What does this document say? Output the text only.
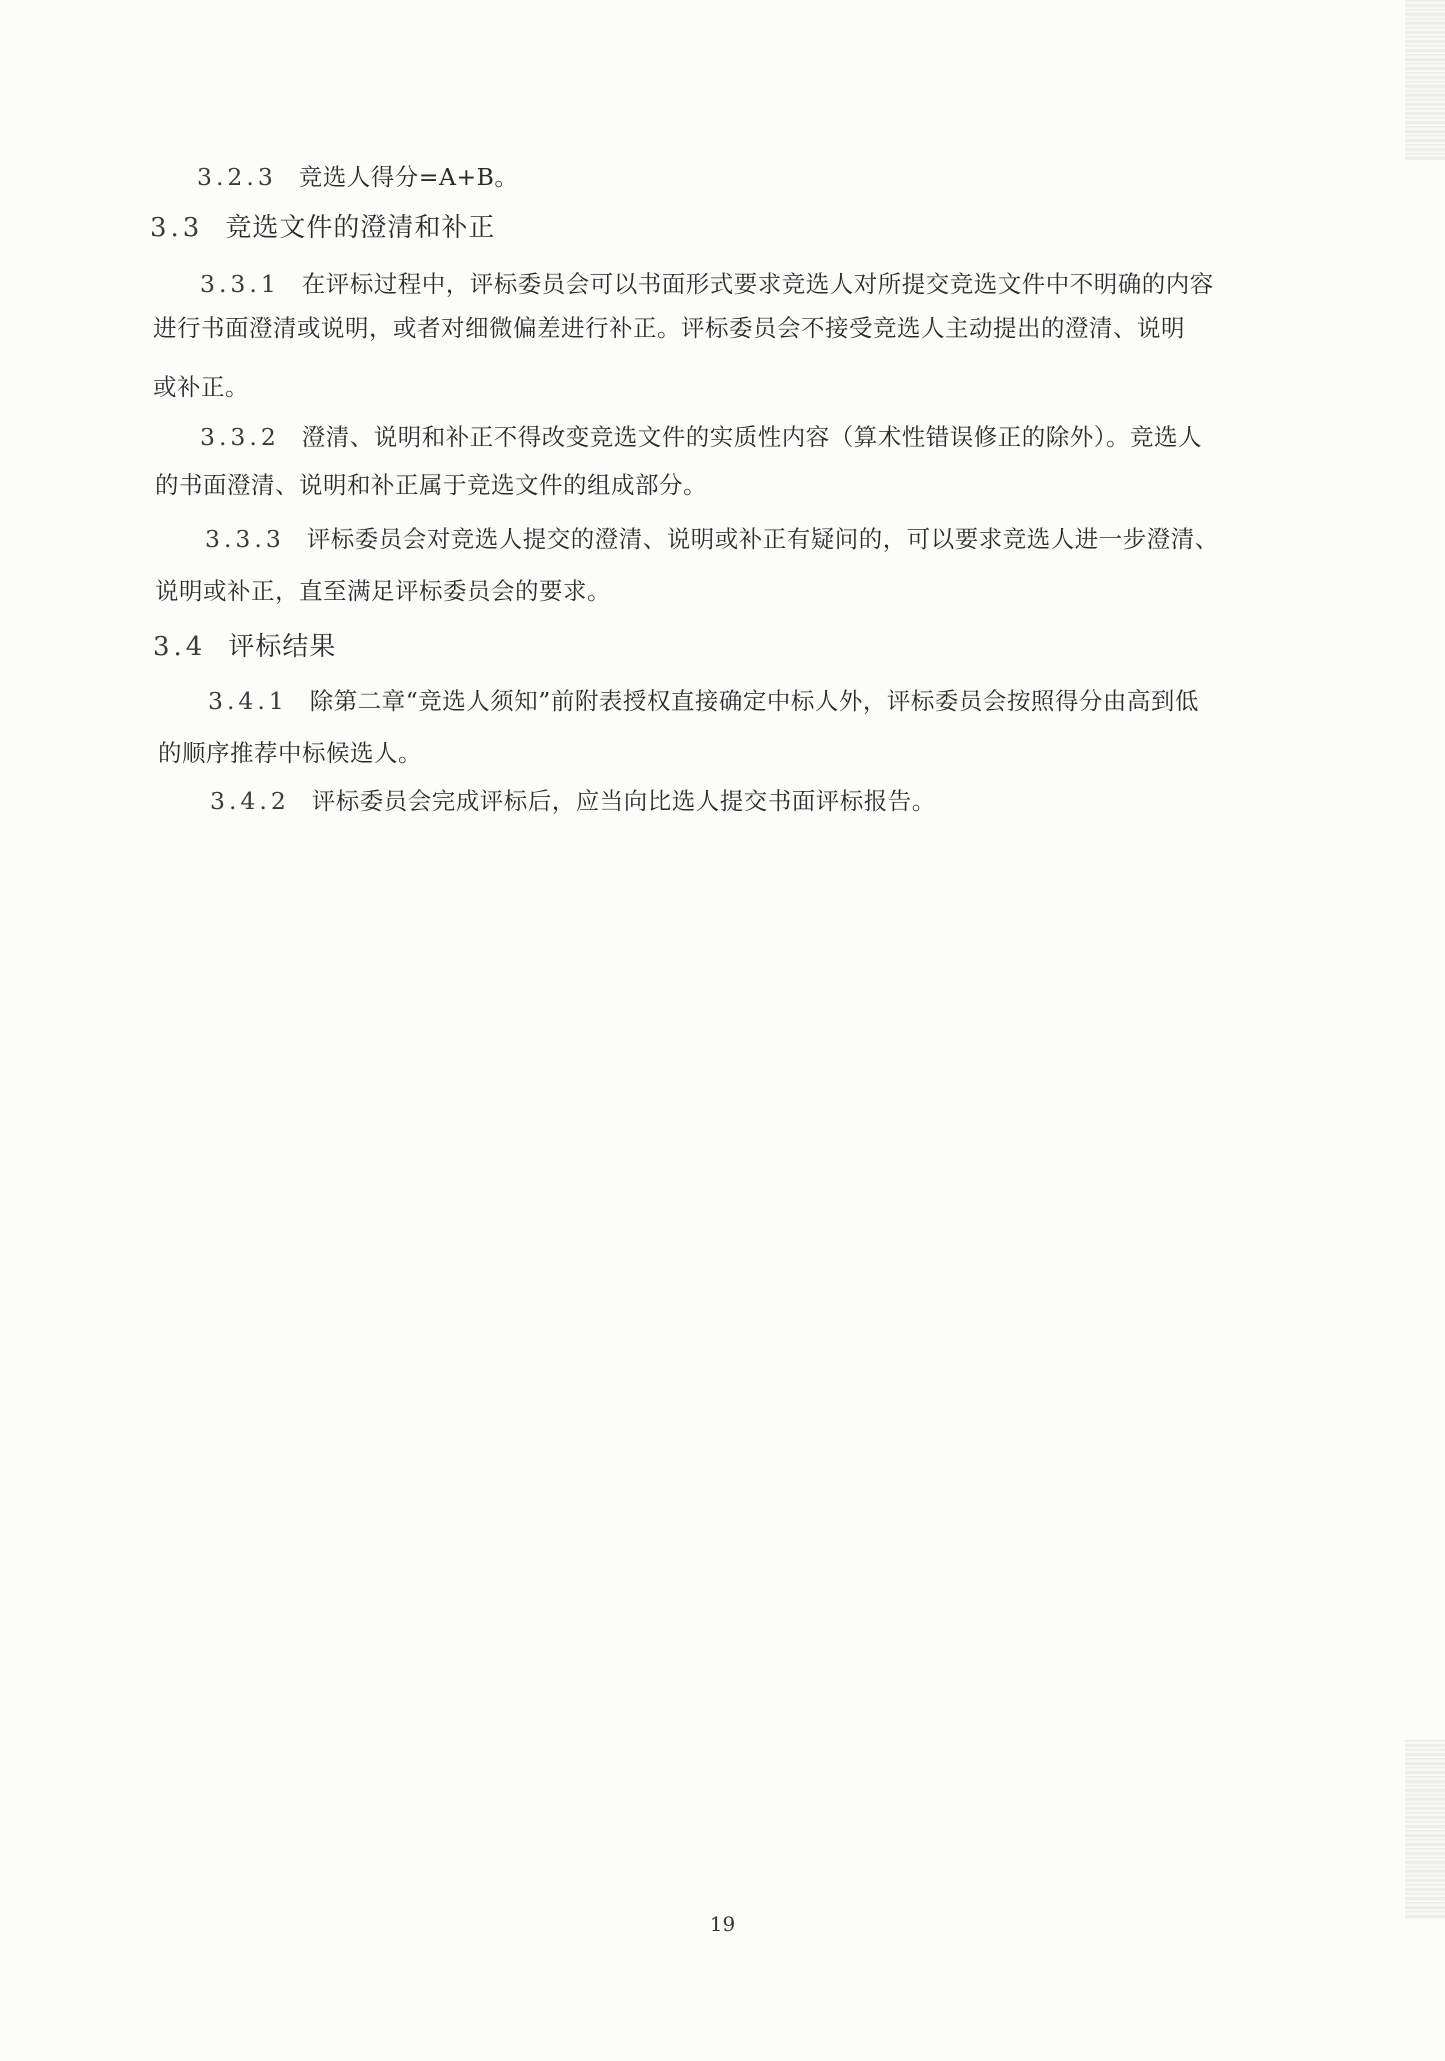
3.2.3 竞选人得分=A+B。
3.3 竞选文件的澄清和补正
3.3.1 在评标过程中，评标委员会可以书面形式要求竞选人对所提交竞选文件中不明确的内容
进行书面澄清或说明，或者对细微偏差进行补正。评标委员会不接受竞选人主动提出的澄清、说明
或补正。
3.3.2 澄清、说明和补正不得改变竞选文件的实质性内容（算术性错误修正的除外）。竞选人
的书面澄清、说明和补正属于竞选文件的组成部分。
3.3.3 评标委员会对竞选人提交的澄清、说明或补正有疑问的，可以要求竞选人进一步澄清、
说明或补正，直至满足评标委员会的要求。
3.4 评标结果
3.4.1 除第二章“竞选人须知”前附表授权直接确定中标人外，评标委员会按照得分由高到低
的顺序推荐中标候选人。
3.4.2 评标委员会完成评标后，应当向比选人提交书面评标报告。
19
